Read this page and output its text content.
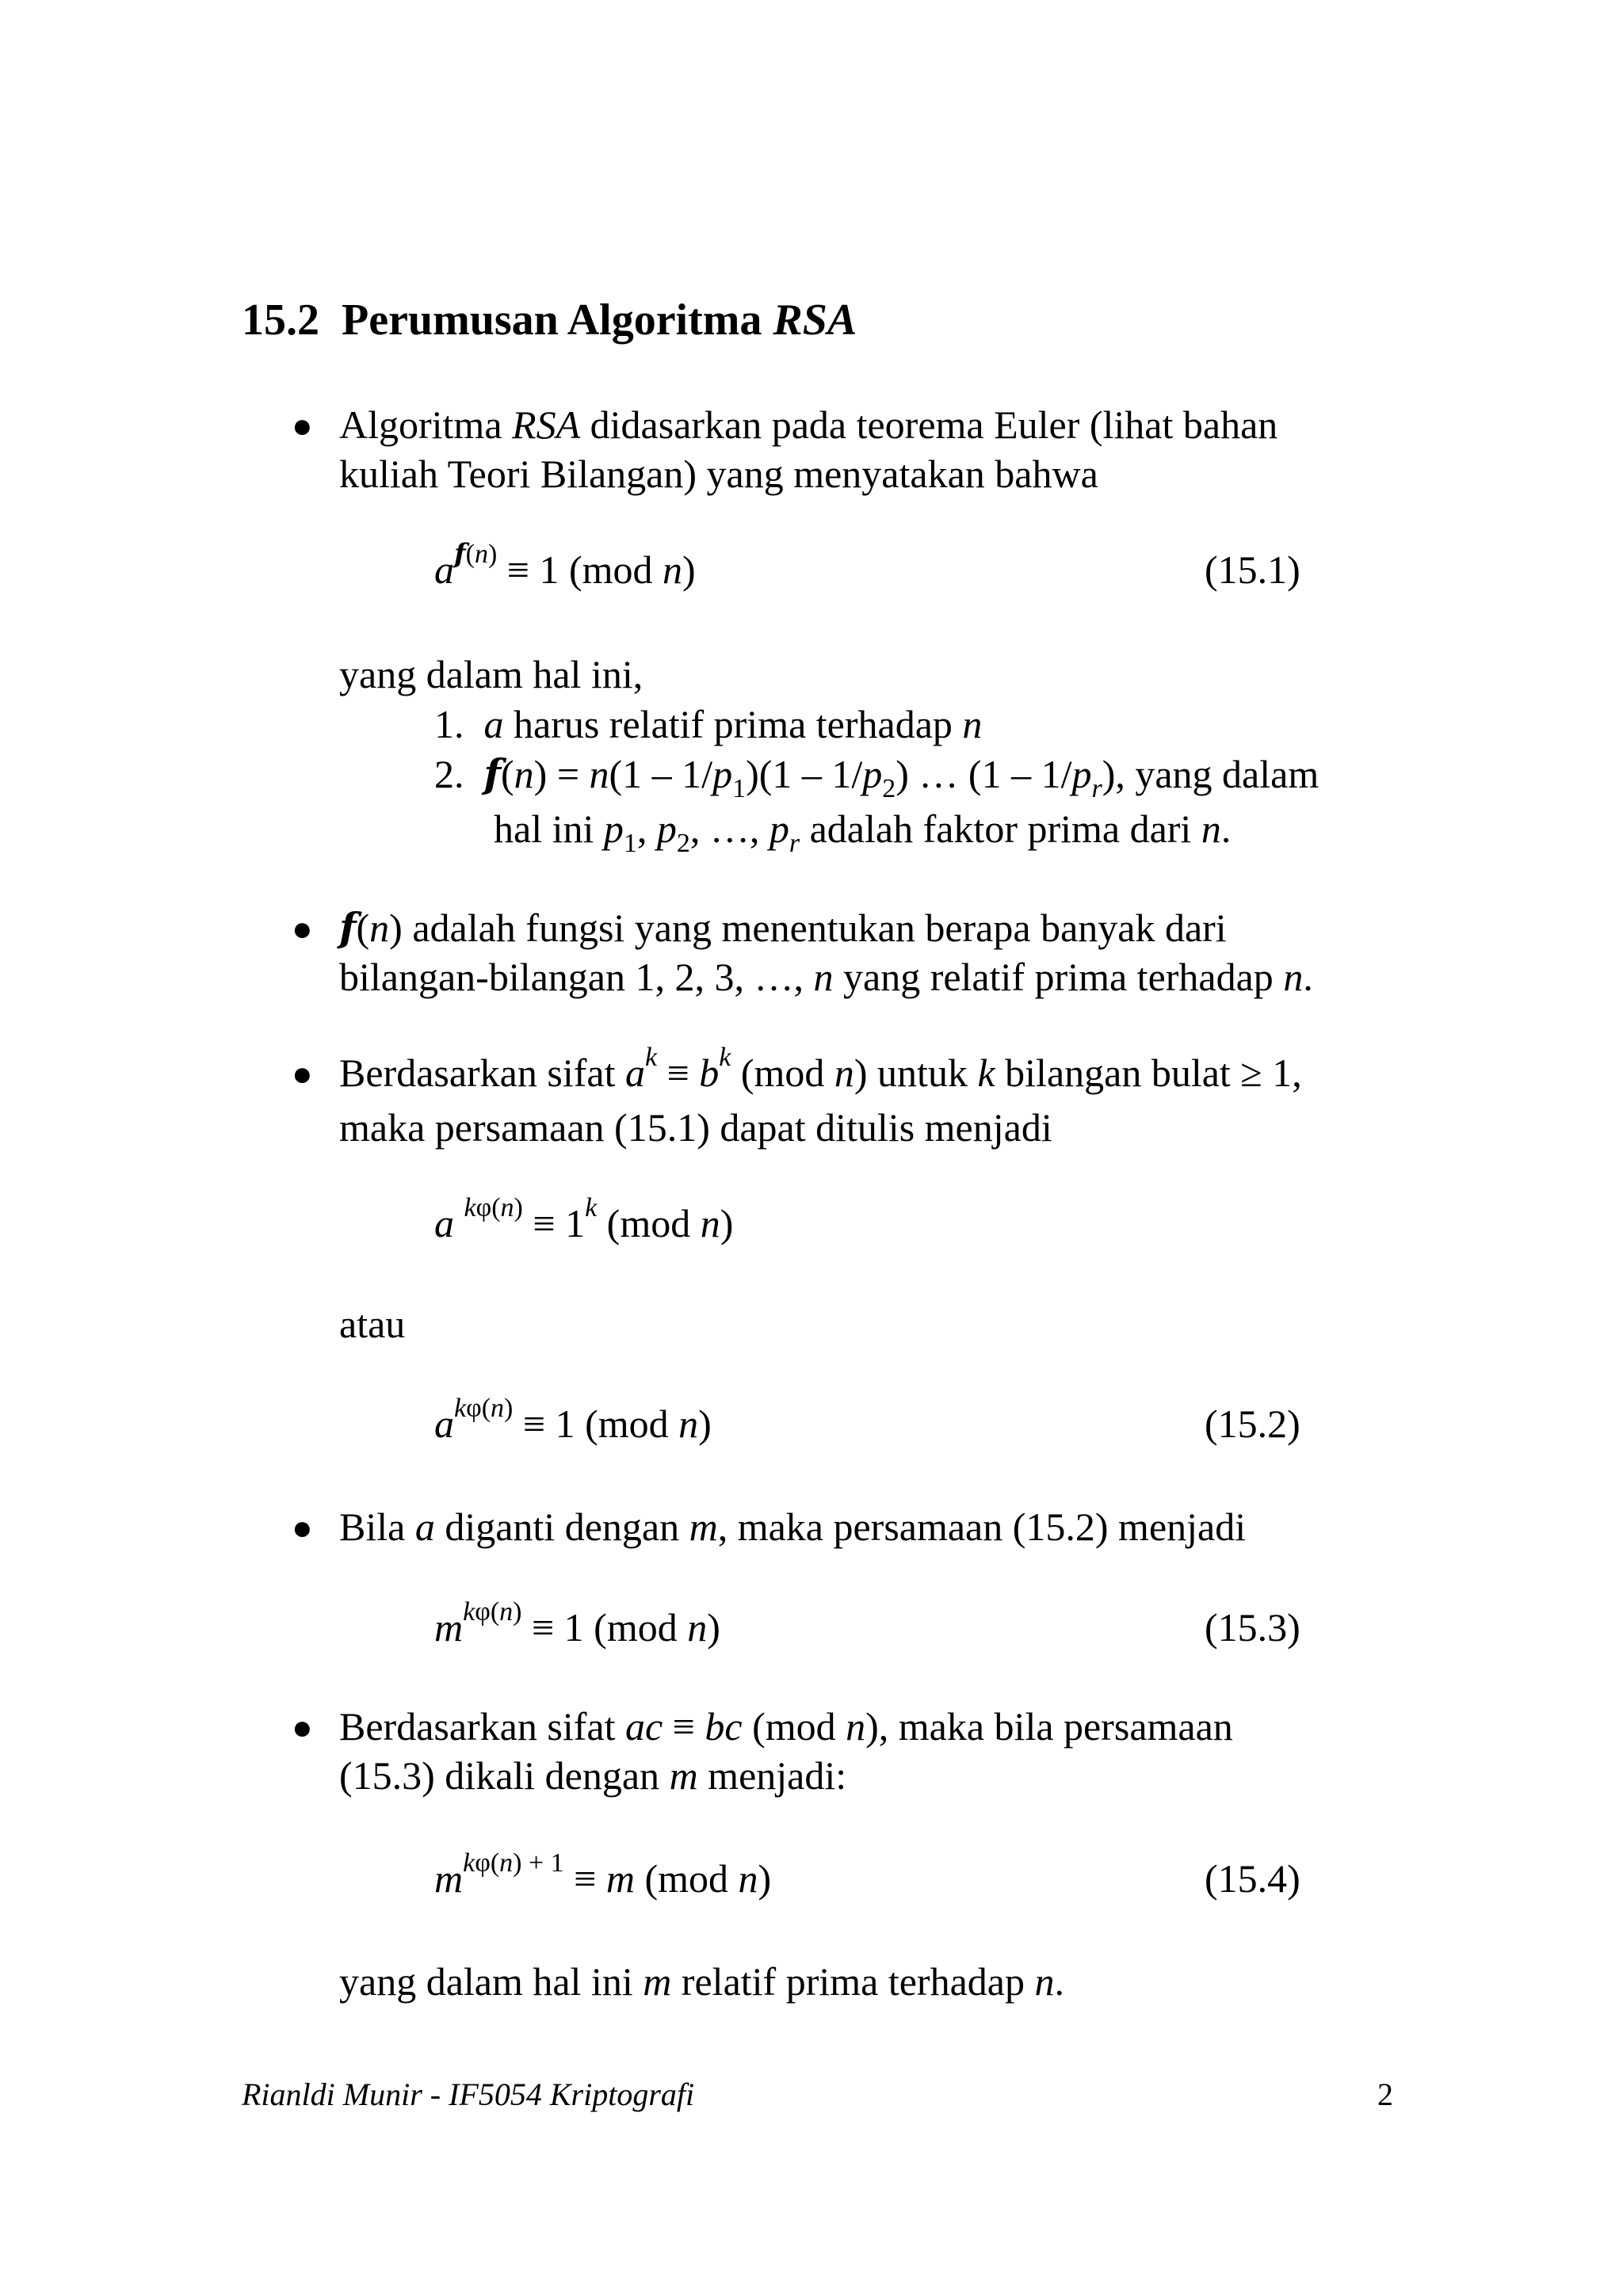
15.2 Perumusan Algoritma RSA
● Algoritma RSA didasarkan pada teorema Euler (lihat bahan
kuliah Teori Bilangan) yang menyatakan bahwa
$a^{f(n)} \equiv 1$ (mod n)	(15.1)
yang dalam hal ini,
1.  a harus relatif prima terhadap n
2.  $f(n) = n(1 - 1/p_1)(1 - 1/p_2)$ … $(1 - 1/p_r)$, yang dalam
hal ini $p_1$, $p_2$, …, $p_r$ adalah faktor prima dari n.
● f(n) adalah fungsi yang menentukan berapa banyak dari
bilangan-bilangan 1, 2, 3, …, n yang relatif prima terhadap n.
● Berdasarkan sifat $a^k \equiv b^k$ (mod n) untuk k bilangan bulat ≥ 1,
maka persamaan (15.1) dapat ditulis menjadi
a $^{k\varphi(n)} \equiv 1^k$ (mod n)
atau
$a^{k\varphi(n)} \equiv 1$ (mod n)	(15.2)
● Bila a diganti dengan m, maka persamaan (15.2) menjadi
$m^{k\varphi(n)} \equiv 1$ (mod n)	(15.3)
● Berdasarkan sifat ac ≡ bc (mod n), maka bila persamaan
(15.3) dikali dengan m menjadi:
$m^{k\varphi(n) + 1} \equiv m$ (mod n)	(15.4)
yang dalam hal ini m relatif prima terhadap n.
Rianldi Munir - IF5054 Kriptografi	2
